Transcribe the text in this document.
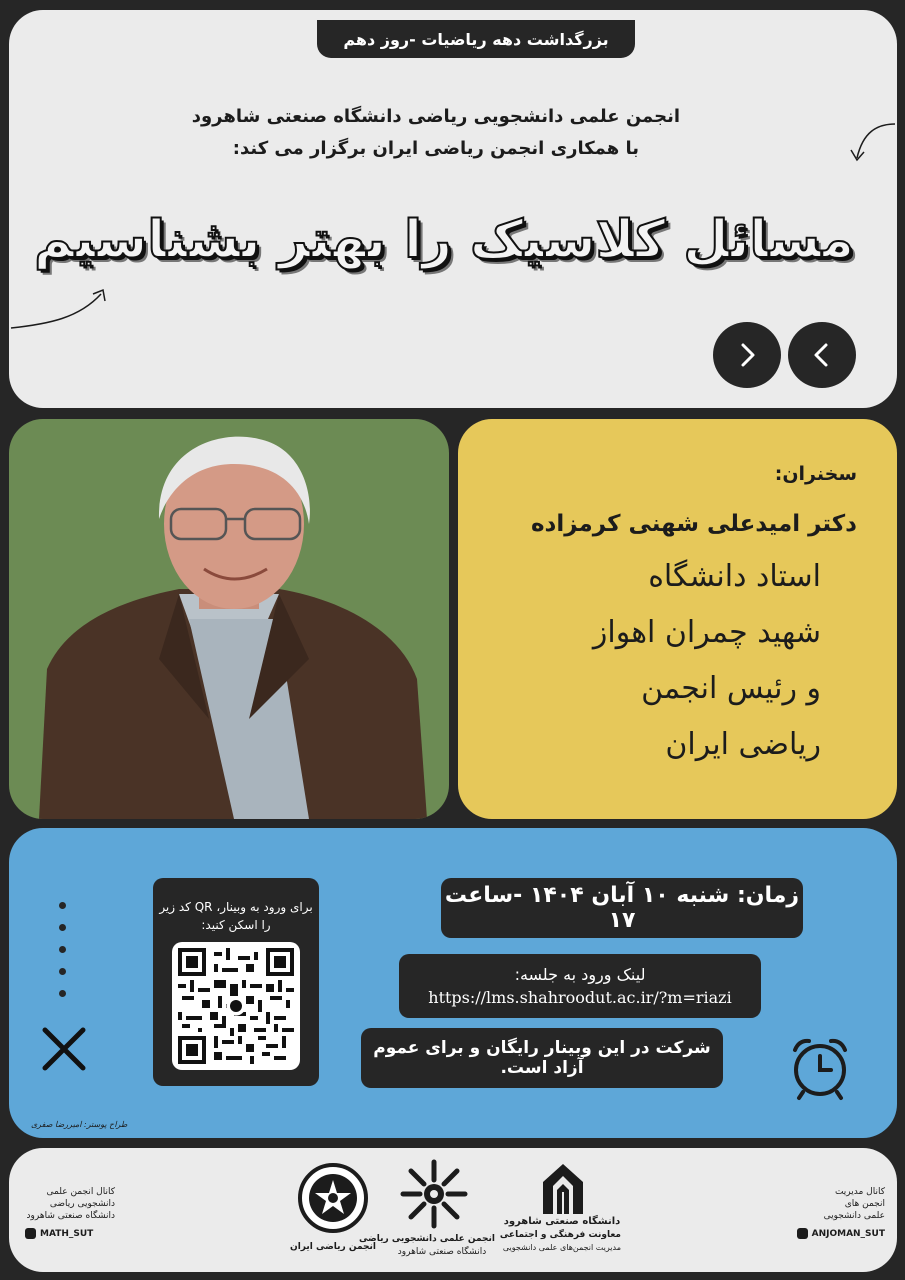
بزرگداشت دهه ریاضیات -روز دهم
انجمن علمی دانشجویی ریاضی دانشگاه صنعتی شاهرود
با همکاری انجمن ریاضی ایران برگزار می کند:
مسائل کلاسیک را بهتر بشناسیم
سخنران:
دکتر امیدعلی شهنی کرمزاده
استاد دانشگاه
شهید چمران اهواز
و رئیس انجمن
ریاضی ایران
برای ورود به وبینار، QR کد زیر را اسکن کنید:
زمان: شنبه ۱۰ آبان ۱۴۰۴ -ساعت ۱۷
لینک ورود به جلسه:
https://lms.shahroodut.ac.ir/?m=riazi
شرکت در این وبینار رایگان و برای عموم آزاد است.
طراح پوستر: امیررضا صفری
کانال انجمن علمی دانشجویی ریاضی دانشگاه صنعتی شاهرود
MATH_SUT
کانال مدیریت انجمن های علمی دانشجویی
ANJOMAN_SUT
انجمن ریاضی ایران
انجمن علمی دانشجویی ریاضی
دانشگاه صنعتی شاهرود
دانشگاه صنعتی شاهرود
معاونت فرهنگی و اجتماعی
مدیریت انجمن‌های علمی دانشجویی
